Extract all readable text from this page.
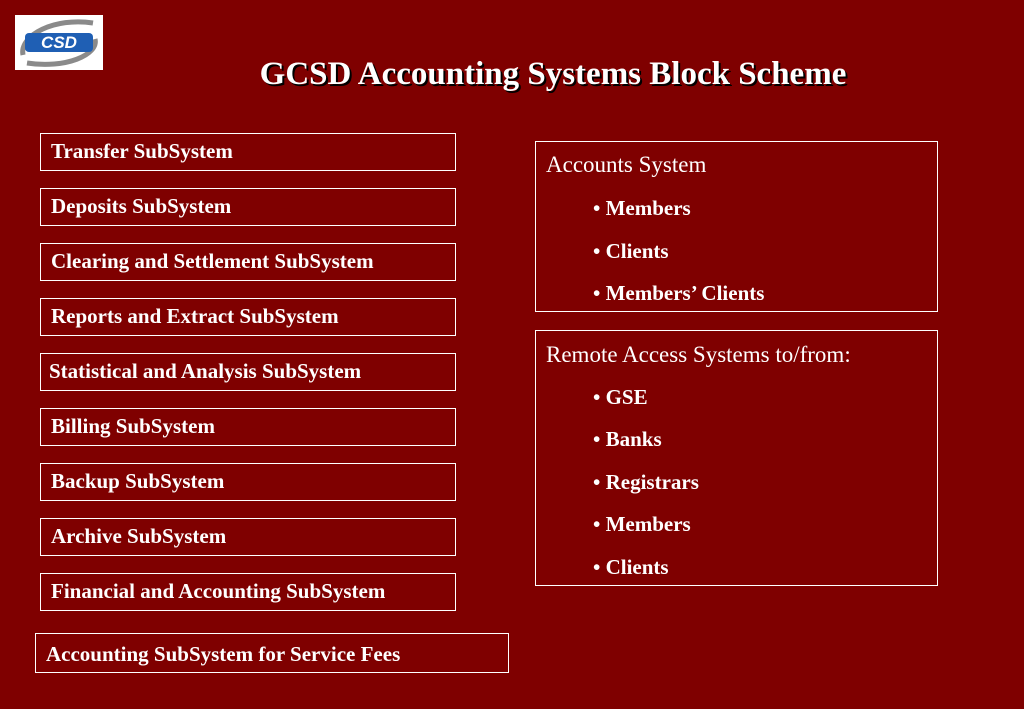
CSD
GCSD Accounting Systems Block Scheme
Transfer SubSystem
Deposits SubSystem
Clearing and Settlement SubSystem
Reports and Extract SubSystem
Statistical and Analysis SubSystem
Billing SubSystem
Backup SubSystem
Archive SubSystem
Financial and Accounting SubSystem
Accounting SubSystem for Service Fees
Accounts System
• Members
• Clients
• Members’ Clients
Remote Access Systems to/from:
• GSE
• Banks
• Registrars
• Members
• Clients
